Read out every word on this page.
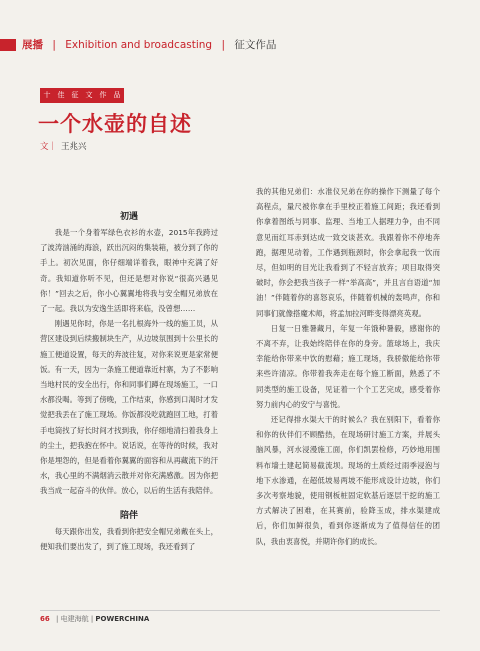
展播 | Exhibition and broadcasting | 征文作品
十	佳	征	文	作	品
一个水壶的自述
文｜ 王兆兴
初遇

我是一个身着军绿色衣衫的水壶，2015年我跨过了波涛汹涌的海浪，跃出沉闷的集装箱，被分到了你的手上。初次见面，你仔细端详着我，眼神中充满了好奇。我知道你听不见，但还是想对你说“很高兴遇见你！”回去之后，你小心翼翼地将我与安全帽兄弟放在了一起。我以为安逸生活即将来临，没曾想……

刚遇见你时，你是一名扎根海外一线的施工员，从营区建设到后续搬制块生产，从边坡氛围到十公里长的施工便道设置，每天的奔波往复，对你来说更是家常便饭。有一天，因为一条施工便道靠近村寨，为了不影响当地村民的安全出行，你和同事们蹲在现场施工，一口水都没喝。等到了傍晚，工作结束，你感到口渴时才发觉把我丢在了施工现场。你饭都没吃就跑回工地，打着手电筒找了好长时间才找到我，你仔细地清扫着我身上的尘土，把我抱在怀中。说话说，在等待的时候，我对你是埋怨的，但是看着你翼翼的面容和从再藏流下的汗水，我心里的不满烟消云散并对你充满感激。因为你把我当成一起奋斗的伙伴。放心，以后的生活有我陪伴。

陪伴

每天跟你出发，我看到你把安全帽兄弟戴在头上，便知我们要出发了，到了施工现场，我还看到了

我的其他兄弟们：水准仪兄弟在你的操作下测量了每个高程点，量尺被你拿在手里校正着施工间距；我还看到你拿着图纸与同事、监理、当地工人据理力争，由不同意见而红耳赤到达成一致交谈甚欢。我跟着你不停地奔跑，据理见动着，工作遇到瓶颈时，你会拿起我一饮而尽，但如明的目光让我看到了不轻言放弃；项目取得突破时，你会把我当孩子一样“举高高”，并且言自语道“加油！”伴随着你的喜怒哀乐，伴随着机械的轰鸣声，你和同事们就像搭魔术师，将孟加拉河畔变得漂亮英观。

日复一日雅暑藏月，年复一年饿种暑毅，感谢你的不离不弃，让我始终陪伴在你的身旁。篮球场上，我庆幸能给你带来中饮的慰藉；施工现场，我骄傲能给你带来些许清凉。你带着我奔走在每个施工断面，熟悉了不同类型的施工设备，见证着一个个工艺完成，感受着你努力前内心的安宁与喜悦。

还记得排水渠大干的时候么？我在别阳下，看着你和你的伙伴们不顾酷热，在现场研讨施工方案，并展头脑风暴，河水浸漫施工面，你们凯罢检修，巧妙地用围料布墙土建起简易截流坝。现场的土质经过雨季浸泡与地下水渗通，在超低坡易两坡不能形成设计边坡，你们多次考察地貌，使用钢板桩固定软基后逐层干挖的施工方式解决了困难，在其赛前，验降玉成，排水渠建成后，你们加鲜很负，看到你逐渐成为了值得信任的团队，我由衷喜悦，并期许你们的成长。

66 | 电建海航 | POWERCHINA
